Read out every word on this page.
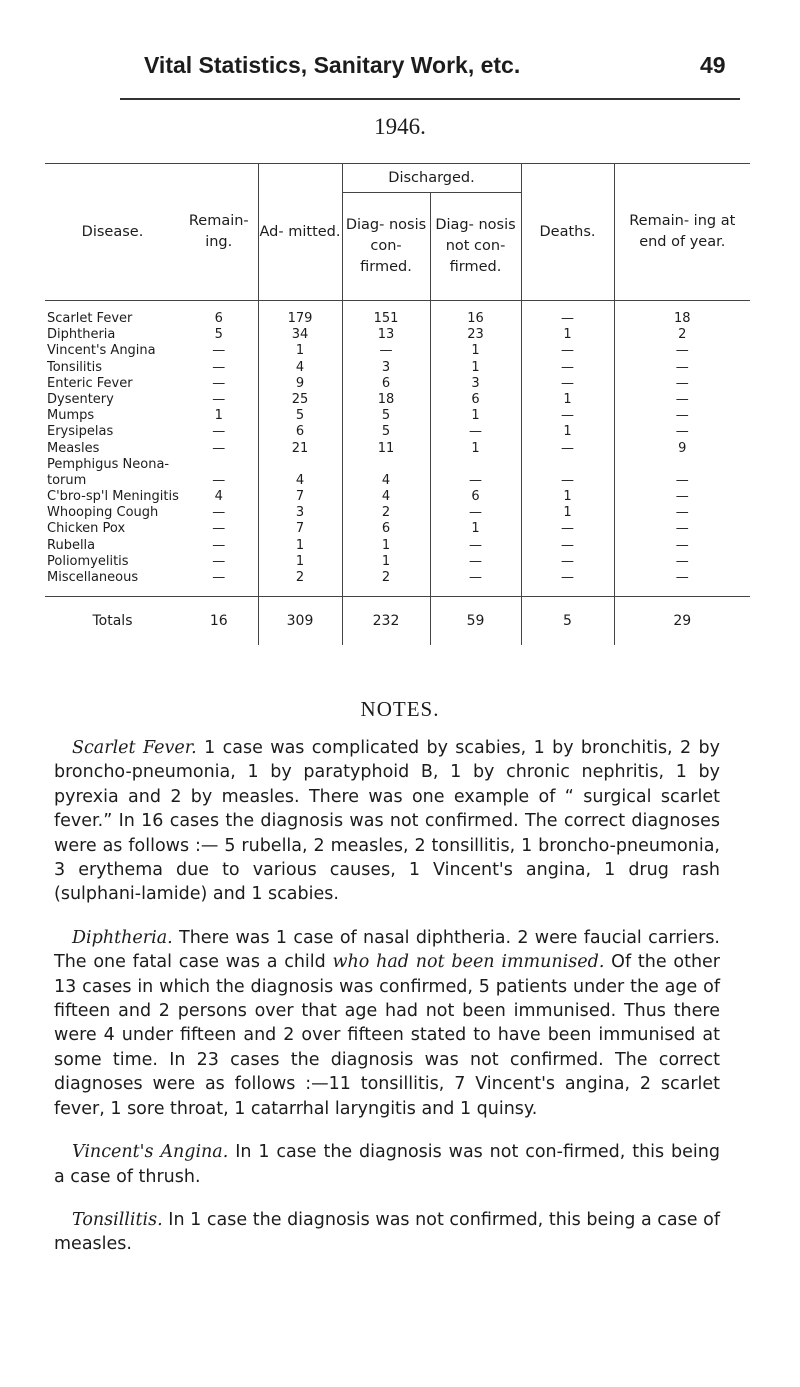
Vital Statistics, Sanitary Work, etc.	49
1946.
Disease.	Remain- ing.	Ad- mitted.	Discharged.		Deaths.	Remain- ing at end of year.
			Diag- nosis con- firmed.	Diag- nosis not con- firmed.		

Scarlet Fever	6	179	151	16	—	18
Diphtheria	5	34	13	23	1	2
Vincent's Angina	—	1	—	1	—	—
Tonsilitis	—	4	3	1	—	—
Enteric Fever	—	9	6	3	—	—
Dysentery	—	25	18	6	1	—
Mumps	1	5	5	1	—	—
Erysipelas	—	6	5	—	1	—
Measles	—	21	11	1	—	9
Pemphigus Neona-						
torum	—	4	4	—	—	—
C'bro-sp'l Meningitis	4	7	4	6	1	—
Whooping Cough	—	3	2	—	1	—
Chicken Pox	—	7	6	1	—	—
Rubella	—	1	1	—	—	—
Poliomyelitis	—	1	1	—	—	—
Miscellaneous	—	2	2	—	—	—

Totals	16	309	232	59	5	29
NOTES.

Scarlet Fever. 1 case was complicated by scabies, 1 by bronchitis, 2 by broncho-pneumonia, 1 by paratyphoid B, 1 by chronic nephritis, 1 by pyrexia and 2 by measles. There was one example of “ surgical scarlet fever.” In 16 cases the diagnosis was not confirmed. The correct diagnoses were as follows :— 5 rubella, 2 measles, 2 tonsillitis, 1 broncho-pneumonia, 3 erythema due to various causes, 1 Vincent's angina, 1 drug rash (sulphani-lamide) and 1 scabies.

Diphtheria. There was 1 case of nasal diphtheria. 2 were faucial carriers. The one fatal case was a child who had not been immunised. Of the other 13 cases in which the diagnosis was confirmed, 5 patients under the age of fifteen and 2 persons over that age had not been immunised. Thus there were 4 under fifteen and 2 over fifteen stated to have been immunised at some time. In 23 cases the diagnosis was not confirmed. The correct diagnoses were as follows :—11 tonsillitis, 7 Vincent's angina, 2 scarlet fever, 1 sore throat, 1 catarrhal laryngitis and 1 quinsy.

Vincent's Angina. In 1 case the diagnosis was not con-firmed, this being a case of thrush.

Tonsillitis. In 1 case the diagnosis was not confirmed, this being a case of measles.
